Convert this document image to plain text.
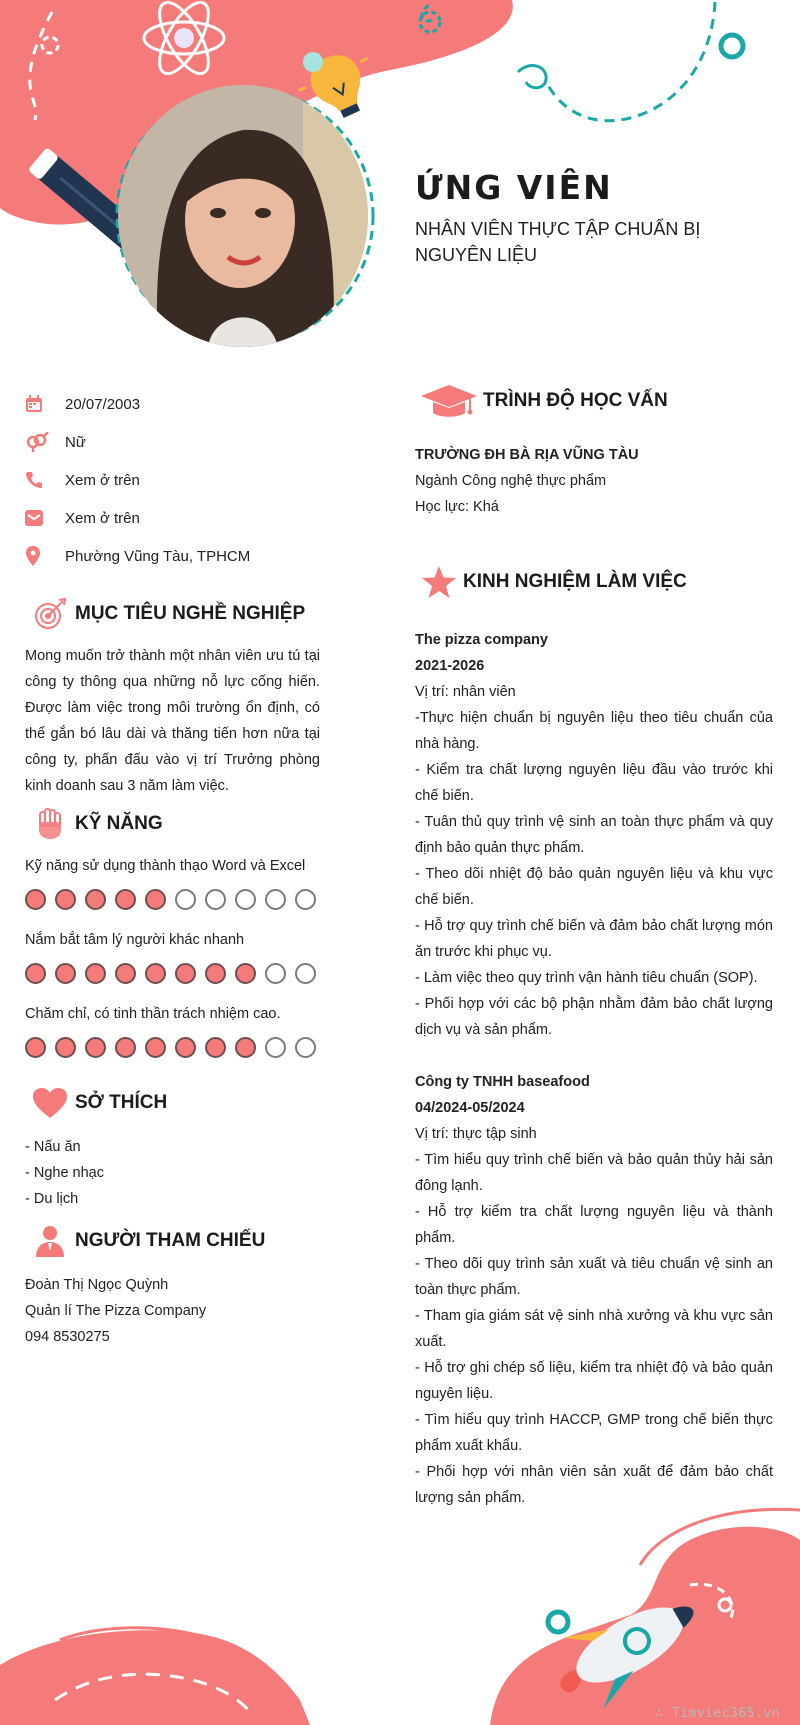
ỨNG VIÊN
NHÂN VIÊN THỰC TẬP CHUẨN BỊ NGUYÊN LIỆU
20/07/2003
Nữ
Xem ở trên
Xem ở trên
Phường Vũng Tàu, TPHCM
MỤC TIÊU NGHỀ NGHIỆP
Mong muốn trở thành một nhân viên ưu tú tại công ty thông qua những nỗ lực cống hiến. Được làm việc trong môi trường ổn định, có thể gắn bó lâu dài và thăng tiến hơn nữa tại công ty, phấn đấu vào vị trí Trưởng phòng kinh doanh sau 3 năm làm việc.
KỸ NĂNG
Kỹ năng sử dụng thành thạo Word và Excel
Nắm bắt tâm lý người khác nhanh
Chăm chỉ, có tinh thần trách nhiệm cao.
SỞ THÍCH
- Nấu ăn
- Nghe nhạc
- Du lịch
NGƯỜI THAM CHIẾU
Đoàn Thị Ngọc Quỳnh
Quản lí The Pizza Company
094 8530275
TRÌNH ĐỘ HỌC VẤN
TRƯỜNG ĐH BÀ RỊA VŨNG TÀU
Ngành Công nghệ thực phẩm
Học lực: Khá
KINH NGHIỆM LÀM VIỆC
The pizza company
2021-2026
Vị trí: nhân viên
-Thực hiện chuẩn bị nguyên liệu theo tiêu chuẩn của nhà hàng.
- Kiểm tra chất lượng nguyên liệu đầu vào trước khi chế biến.
- Tuân thủ quy trình vệ sinh an toàn thực phẩm và quy định bảo quản thực phẩm.
- Theo dõi nhiệt độ bảo quản nguyên liệu và khu vực chế biến.
- Hỗ trợ quy trình chế biến và đảm bảo chất lượng món ăn trước khi phục vụ.
- Làm việc theo quy trình vận hành tiêu chuẩn (SOP).
- Phối hợp với các bộ phận nhằm đảm bảo chất lượng dịch vụ và sản phẩm.
Công ty TNHH baseafood
04/2024-05/2024
Vị trí: thực tập sinh
- Tìm hiểu quy trình chế biến và bảo quản thủy hải sản đông lạnh.
- Hỗ trợ kiểm tra chất lượng nguyên liệu và thành phẩm.
- Theo dõi quy trình sản xuất và tiêu chuẩn vệ sinh an toàn thực phẩm.
- Tham gia giám sát vệ sinh nhà xưởng và khu vực sản xuất.
- Hỗ trợ ghi chép số liệu, kiểm tra nhiệt độ và bảo quản nguyên liệu.
- Tìm hiểu quy trình HACCP, GMP trong chế biến thực phẩm xuất khẩu.
- Phối hợp với nhân viên sản xuất để đảm bảo chất lượng sản phẩm.
∴ Timviec365.vn
